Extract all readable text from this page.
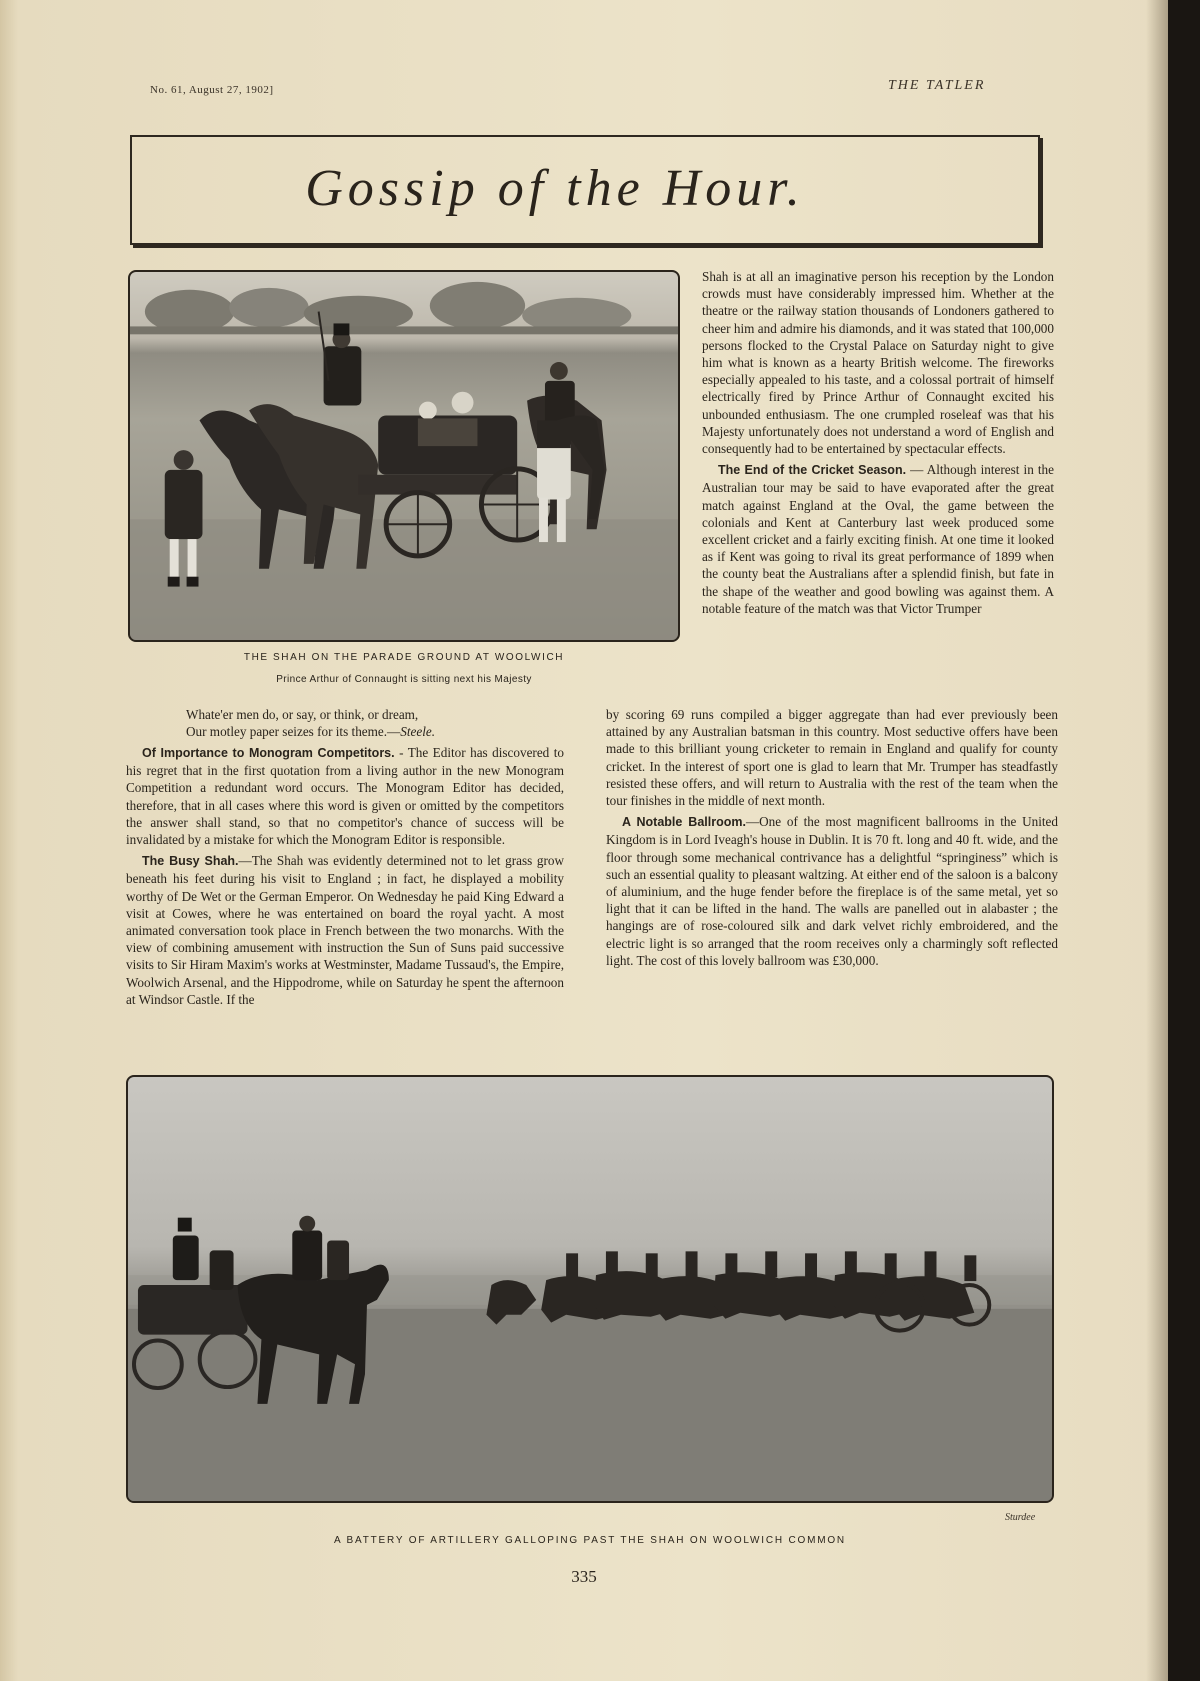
No. 61, August 27, 1902]	THE TATLER
Gossip of the Hour.
THE SHAH ON THE PARADE GROUND AT WOOLWICH
Prince Arthur of Connaught is sitting next his Majesty

Shah is at all an imaginative person his reception by the London crowds must have considerably impressed him. Whether at the theatre or the railway station thousands of Londoners gathered to cheer him and admire his diamonds, and it was stated that 100,000 persons flocked to the Crystal Palace on Saturday night to give him what is known as a hearty British welcome. The fireworks especially appealed to his taste, and a colossal portrait of himself electrically fired by Prince Arthur of Connaught excited his unbounded enthusiasm. The one crumpled roseleaf was that his Majesty unfortunately does not understand a word of English and consequently had to be entertained by spectacular effects.

The End of the Cricket Season. — Although interest in the Australian tour may be said to have evaporated after the great match against England at the Oval, the game between the colonials and Kent at Canterbury last week produced some excellent cricket and a fairly exciting finish. At one time it looked as if Kent was going to rival its great performance of 1899 when the county beat the Australians after a splendid finish, but fate in the shape of the weather and good bowling was against them. A notable feature of the match was that Victor Trumper

Whate'er men do, or say, or think, or dream,
Our motley paper seizes for its theme.—Steele.

Of Importance to Monogram Competitors. - The Editor has discovered to his regret that in the first quotation from a living author in the new Monogram Competition a redundant word occurs. The Monogram Editor has decided, therefore, that in all cases where this word is given or omitted by the competitors the answer shall stand, so that no competitor's chance of success will be invalidated by a mistake for which the Monogram Editor is responsible.

The Busy Shah.—The Shah was evidently determined not to let grass grow beneath his feet during his visit to England ; in fact, he displayed a mobility worthy of De Wet or the German Emperor. On Wednesday he paid King Edward a visit at Cowes, where he was entertained on board the royal yacht. A most animated conversation took place in French between the two monarchs. With the view of combining amusement with instruction the Sun of Suns paid successive visits to Sir Hiram Maxim's works at Westminster, Madame Tussaud's, the Empire, Woolwich Arsenal, and the Hippodrome, while on Saturday he spent the afternoon at Windsor Castle. If the

by scoring 69 runs compiled a bigger aggregate than had ever previously been attained by any Australian batsman in this country. Most seductive offers have been made to this brilliant young cricketer to remain in England and qualify for county cricket. In the interest of sport one is glad to learn that Mr. Trumper has steadfastly resisted these offers, and will return to Australia with the rest of the team when the tour finishes in the middle of next month.

A Notable Ballroom.—One of the most magnificent ballrooms in the United Kingdom is in Lord Iveagh's house in Dublin. It is 70 ft. long and 40 ft. wide, and the floor through some mechanical contrivance has a delightful “springiness” which is such an essential quality to pleasant waltzing. At either end of the saloon is a balcony of aluminium, and the huge fender before the fireplace is of the same metal, yet so light that it can be lifted in the hand. The walls are panelled out in alabaster ; the hangings are of rose-coloured silk and dark velvet richly embroidered, and the electric light is so arranged that the room receives only a charmingly soft reflected light. The cost of this lovely ballroom was £30,000.

Sturdee
A BATTERY OF ARTILLERY GALLOPING PAST THE SHAH ON WOOLWICH COMMON
335
